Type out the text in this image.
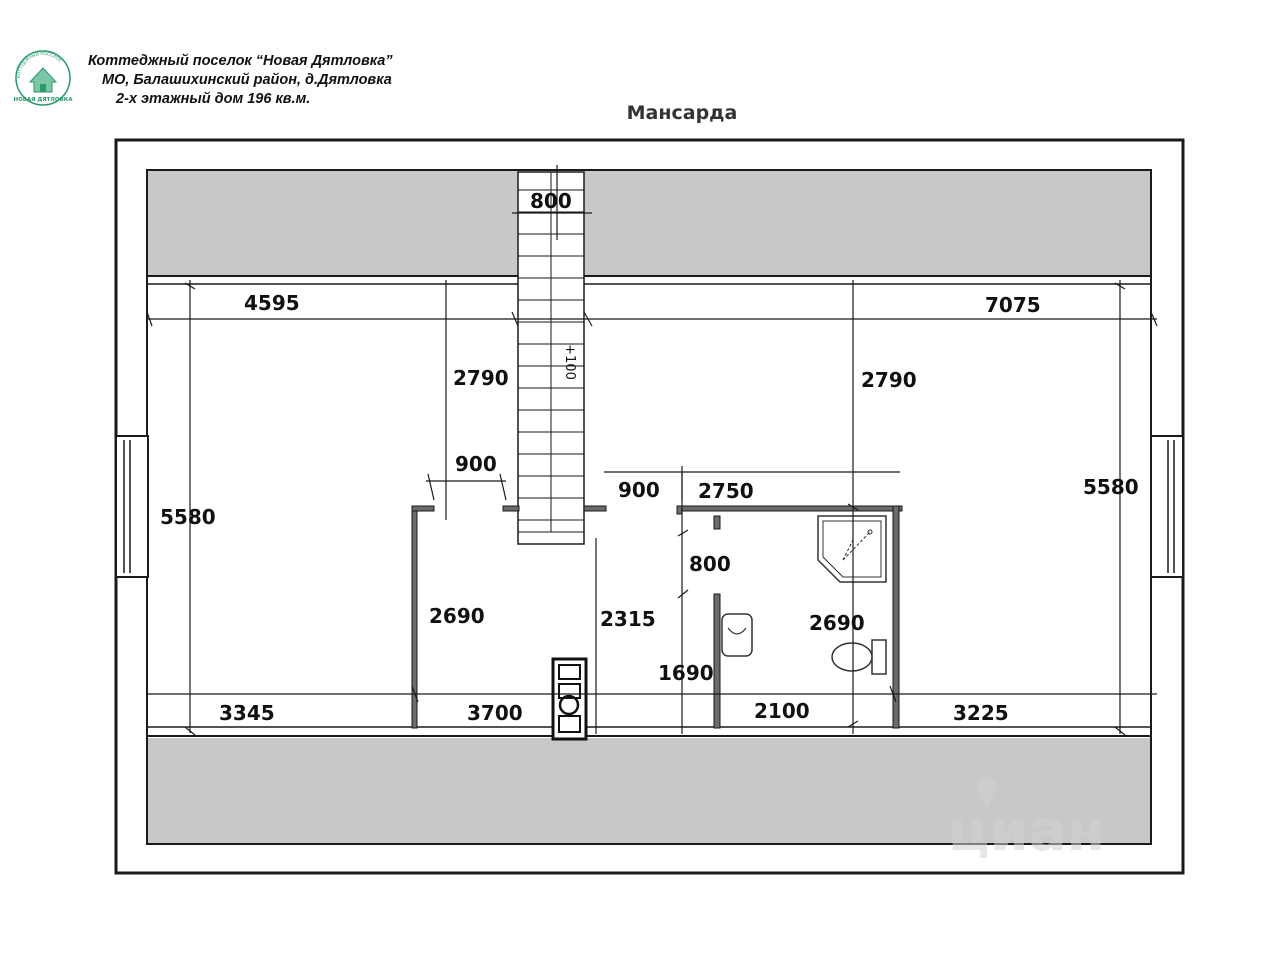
Коттеджный поселок “Новая Дятловка”
МО, Балашихинский район, д.Дятловка
2-х этажный дом 196 кв.м.
КОТТЕДЖНЫЙ ПОСЕЛОК
НОВАЯ ДЯТЛОВКА
Мансарда
+100
800
4595	7075
2790	2790
5580
5580
900
900 2750
800
2690	2315
1690
2690
3345	3700	2100	3225
циан
